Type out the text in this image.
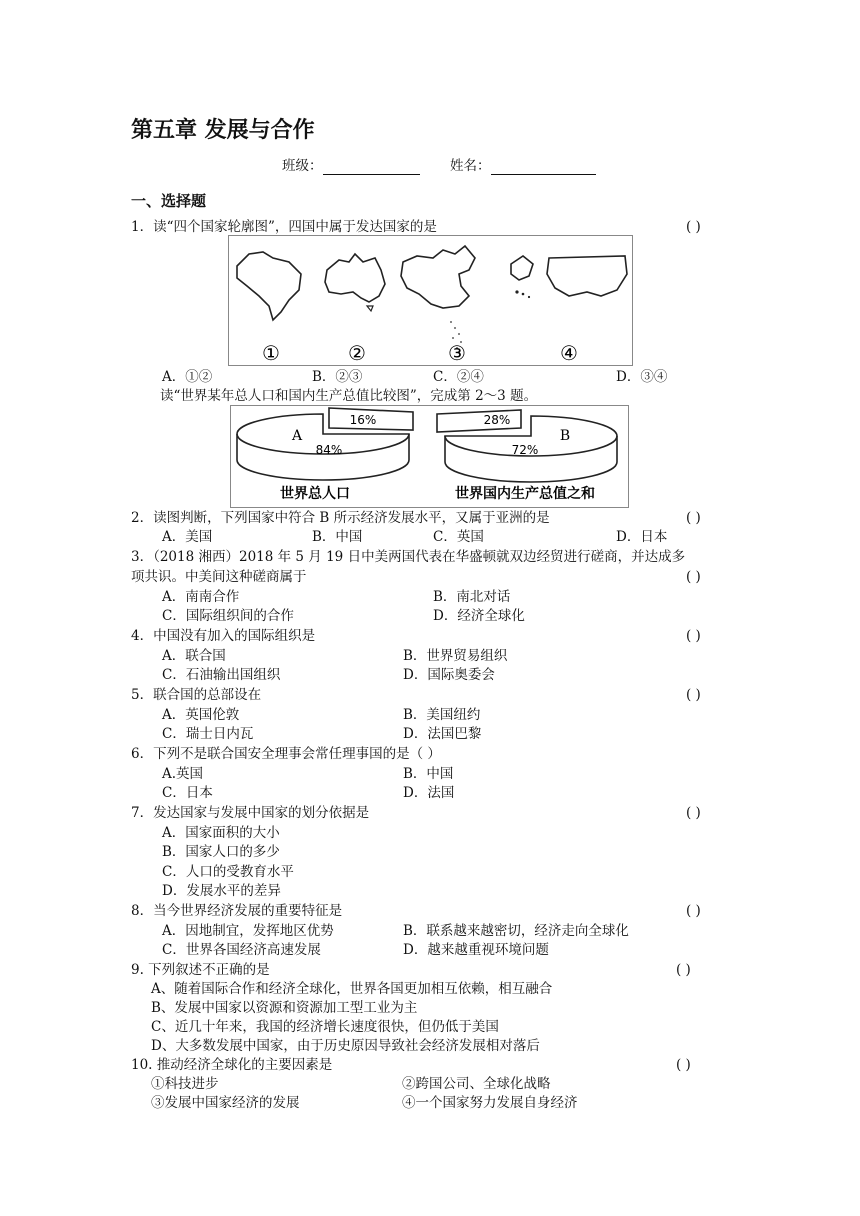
第五章 发展与合作
班级：	姓名：
一、选择题
1．读“四个国家轮廓图”，四国中属于发达国家的是	( )
①	②	③	④
A．①②	B．②③	C．②④	D．③④
读“世界某年总人口和国内生产总值比较图”，完成第 2～3 题。
16%
A
84%
28%
B
72%
世界总人口	世界国内生产总值之和
2．读图判断，下列国家中符合 B 所示经济发展水平，又属于亚洲的是	( )
A．美国	B．中国	C．英国	D．日本
3．（2018 湘西）2018 年 5 月 19 日中美两国代表在华盛顿就双边经贸进行磋商，并达成多
项共识。中美间这种磋商属于	( )
A．南南合作	B．南北对话
C．国际组织间的合作	D．经济全球化
4．中国没有加入的国际组织是	( )
A．联合国	B．世界贸易组织
C．石油输出国组织	D．国际奥委会
5．联合国的总部设在	( )
A．英国伦敦	B．美国纽约
C．瑞士日内瓦	D．法国巴黎
6．下列不是联合国安全理事会常任理事国的是（ ）
A.英国	B．中国
C．日本	D．法国
7．发达国家与发展中国家的划分依据是	( )
A．国家面积的大小
B．国家人口的多少
C．人口的受教育水平
D．发展水平的差异
8．当今世界经济发展的重要特征是	( )
A．因地制宜，发挥地区优势	B．联系越来越密切，经济走向全球化
C．世界各国经济高速发展	D．越来越重视环境问题
9. 下列叙述不正确的是	( )
A、随着国际合作和经济全球化，世界各国更加相互依赖，相互融合
B、发展中国家以资源和资源加工型工业为主
C、近几十年来，我国的经济增长速度很快，但仍低于美国
D、大多数发展中国家，由于历史原因导致社会经济发展相对落后
10. 推动经济全球化的主要因素是	( )
①科技进步	②跨国公司、全球化战略
③发展中国家经济的发展	④一个国家努力发展自身经济
